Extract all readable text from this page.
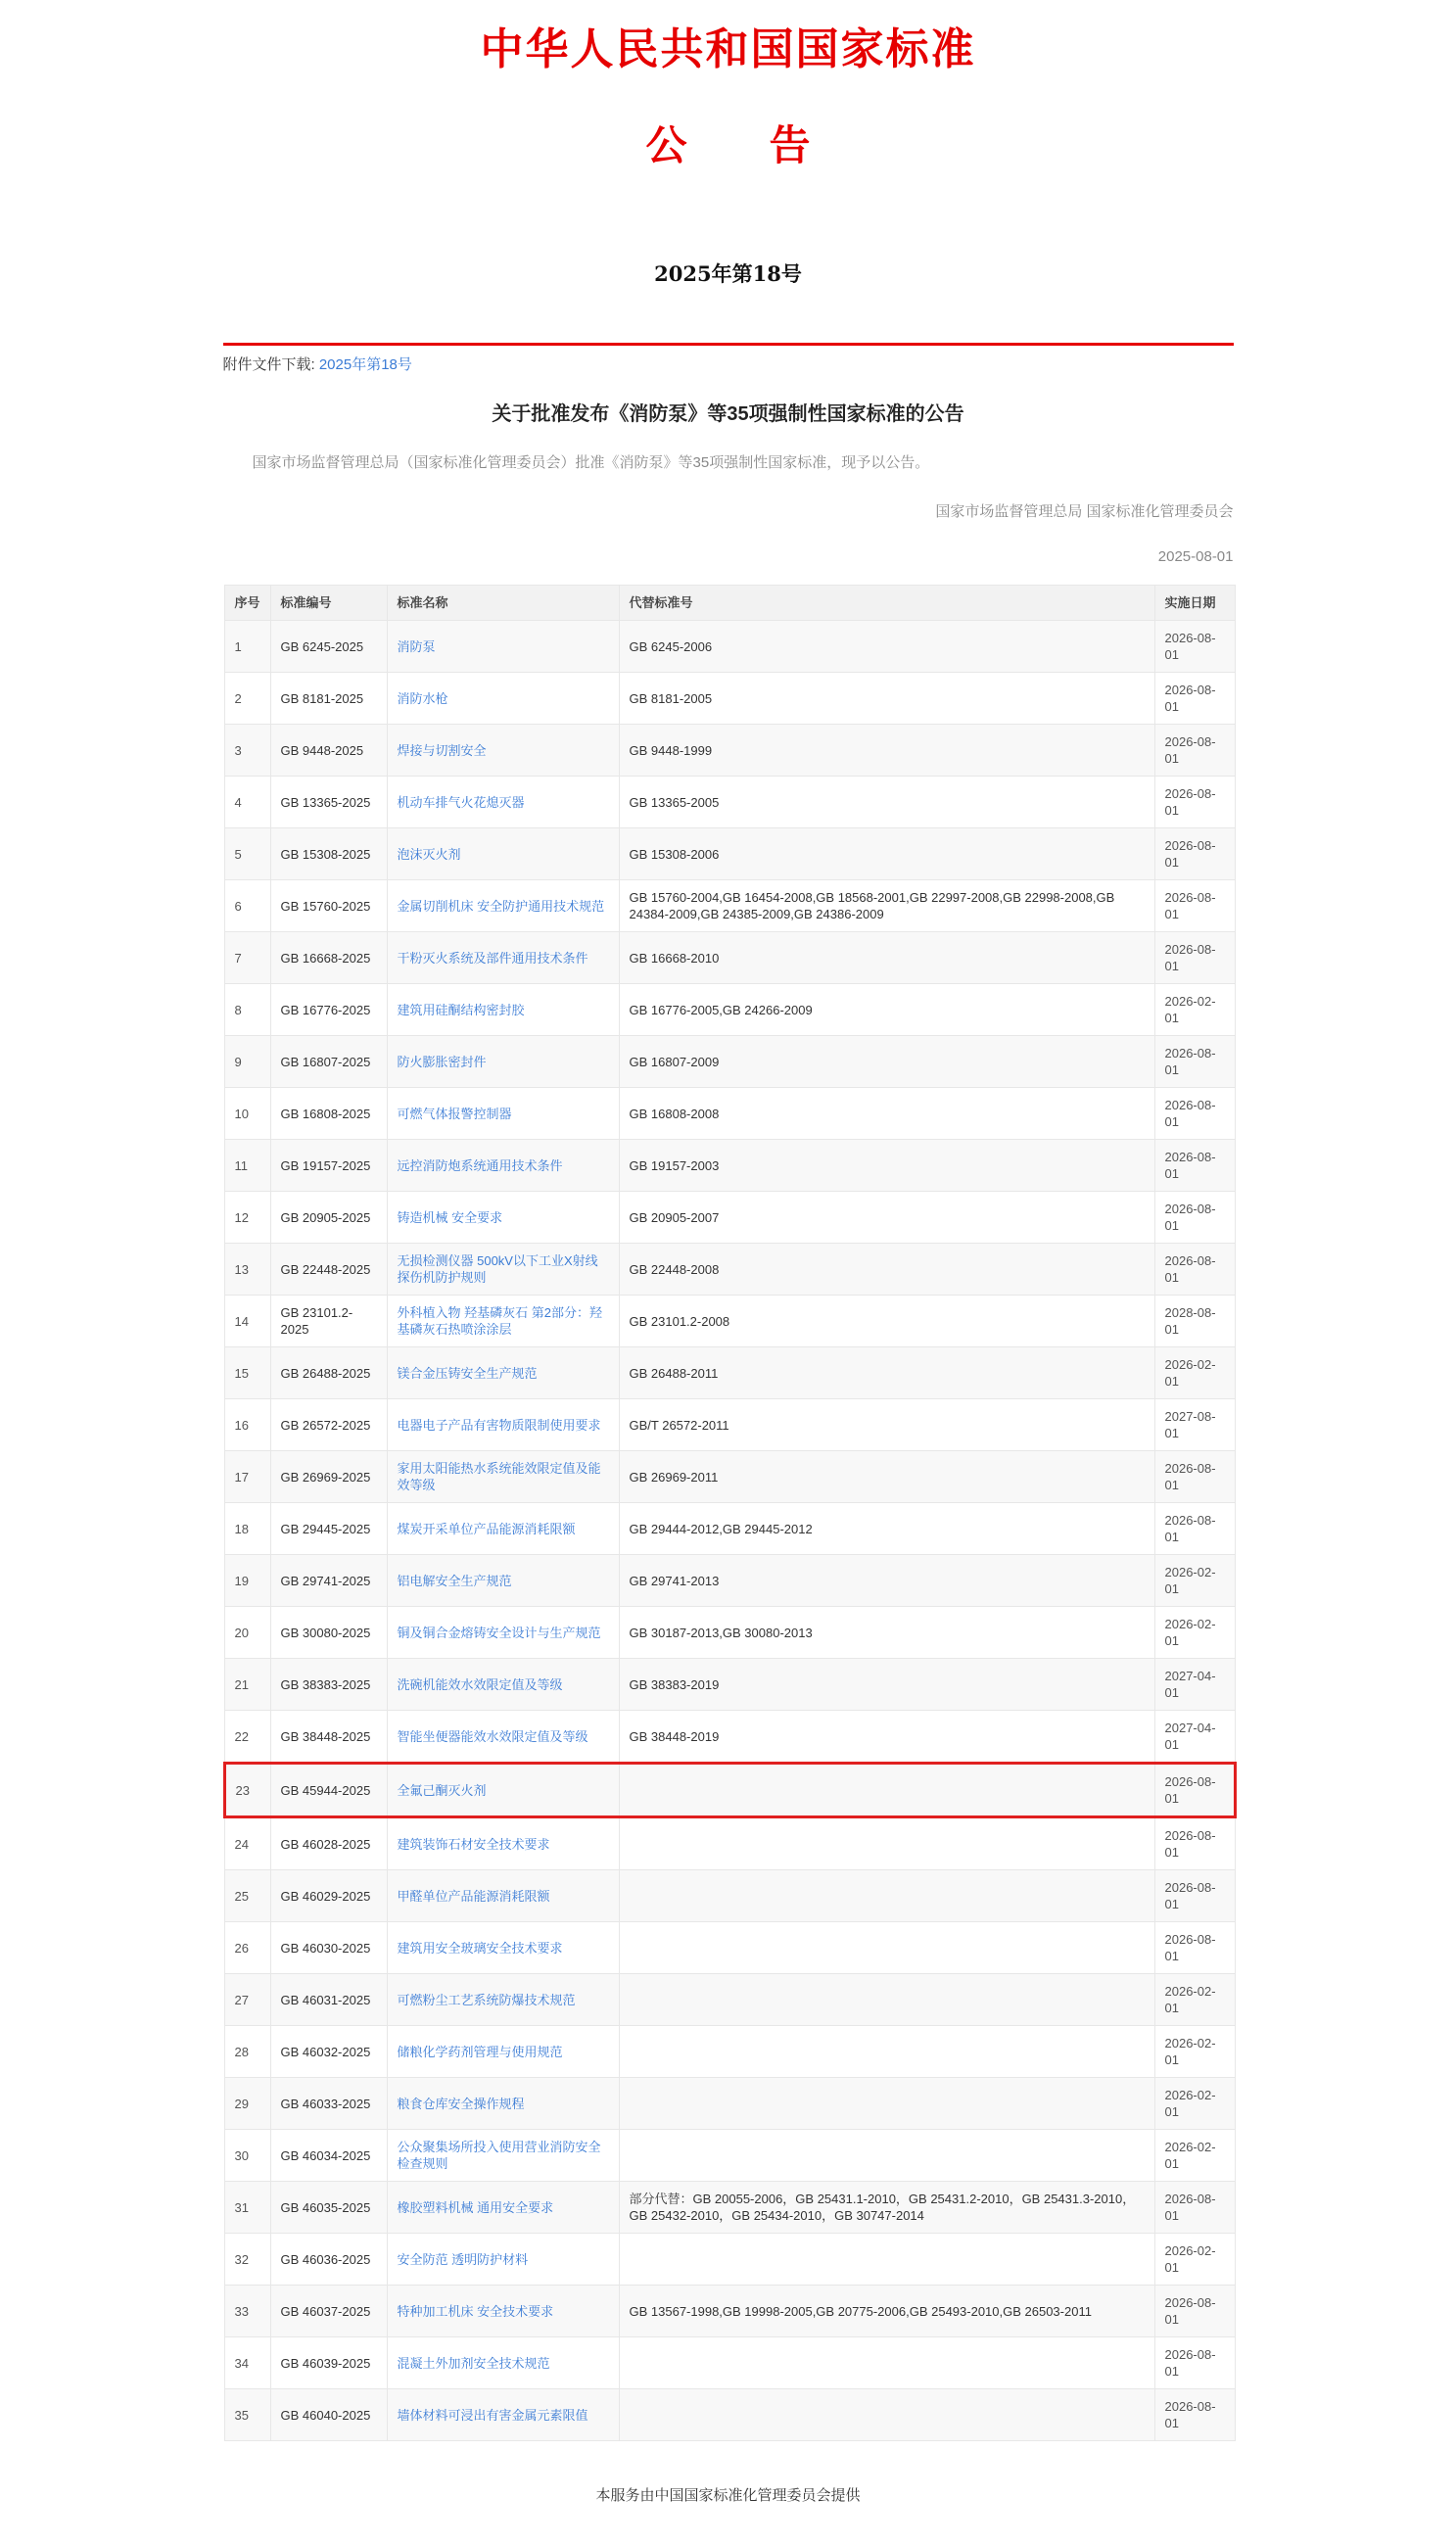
中华人民共和国国家标准
公　　告
2025年第18号
附件文件下载: 2025年第18号
关于批准发布《消防泵》等35项强制性国家标准的公告

国家市场监督管理总局（国家标准化管理委员会）批准《消防泵》等35项强制性国家标准，现予以公告。

国家市场监督管理总局 国家标准化管理委员会
2025-08-01
序号	标准编号	标准名称	代替标准号	实施日期
1	GB 6245-2025	消防泵	GB 6245-2006	2026-08-01
2	GB 8181-2025	消防水枪	GB 8181-2005	2026-08-01
3	GB 9448-2025	焊接与切割安全	GB 9448-1999	2026-08-01
4	GB 13365-2025	机动车排气火花熄灭器	GB 13365-2005	2026-08-01
5	GB 15308-2025	泡沫灭火剂	GB 15308-2006	2026-08-01
6	GB 15760-2025	金属切削机床 安全防护通用技术规范	GB 15760-2004,GB 16454-2008,GB 18568-2001,GB 22997-2008,GB 22998-2008,GB 24384-2009,GB 24385-2009,GB 24386-2009	2026-08-01
7	GB 16668-2025	干粉灭火系统及部件通用技术条件	GB 16668-2010	2026-08-01
8	GB 16776-2025	建筑用硅酮结构密封胶	GB 16776-2005,GB 24266-2009	2026-02-01
9	GB 16807-2025	防火膨胀密封件	GB 16807-2009	2026-08-01
10	GB 16808-2025	可燃气体报警控制器	GB 16808-2008	2026-08-01
11	GB 19157-2025	远控消防炮系统通用技术条件	GB 19157-2003	2026-08-01
12	GB 20905-2025	铸造机械 安全要求	GB 20905-2007	2026-08-01
13	GB 22448-2025	无损检测仪器 500kV以下工业X射线探伤机防护规则	GB 22448-2008	2026-08-01
14	GB 23101.2-2025	外科植入物 羟基磷灰石 第2部分：羟基磷灰石热喷涂涂层	GB 23101.2-2008	2028-08-01
15	GB 26488-2025	镁合金压铸安全生产规范	GB 26488-2011	2026-02-01
16	GB 26572-2025	电器电子产品有害物质限制使用要求	GB/T 26572-2011	2027-08-01
17	GB 26969-2025	家用太阳能热水系统能效限定值及能效等级	GB 26969-2011	2026-08-01
18	GB 29445-2025	煤炭开采单位产品能源消耗限额	GB 29444-2012,GB 29445-2012	2026-08-01
19	GB 29741-2025	铝电解安全生产规范	GB 29741-2013	2026-02-01
20	GB 30080-2025	铜及铜合金熔铸安全设计与生产规范	GB 30187-2013,GB 30080-2013	2026-02-01
21	GB 38383-2025	洗碗机能效水效限定值及等级	GB 38383-2019	2027-04-01
22	GB 38448-2025	智能坐便器能效水效限定值及等级	GB 38448-2019	2027-04-01
23	GB 45944-2025	全氟己酮灭火剂		2026-08-01
24	GB 46028-2025	建筑装饰石材安全技术要求		2026-08-01
25	GB 46029-2025	甲醛单位产品能源消耗限额		2026-08-01
26	GB 46030-2025	建筑用安全玻璃安全技术要求		2026-08-01
27	GB 46031-2025	可燃粉尘工艺系统防爆技术规范		2026-02-01
28	GB 46032-2025	储粮化学药剂管理与使用规范		2026-02-01
29	GB 46033-2025	粮食仓库安全操作规程		2026-02-01
30	GB 46034-2025	公众聚集场所投入使用营业消防安全检查规则		2026-02-01
31	GB 46035-2025	橡胶塑料机械 通用安全要求	部分代替：GB 20055-2006，GB 25431.1-2010，GB 25431.2-2010，GB 25431.3-2010，GB 25432-2010，GB 25434-2010，GB 30747-2014	2026-08-01
32	GB 46036-2025	安全防范 透明防护材料		2026-02-01
33	GB 46037-2025	特种加工机床 安全技术要求	GB 13567-1998,GB 19998-2005,GB 20775-2006,GB 25493-2010,GB 26503-2011	2026-08-01
34	GB 46039-2025	混凝土外加剂安全技术规范		2026-08-01
35	GB 46040-2025	墙体材料可浸出有害金属元素限值		2026-08-01
本服务由中国国家标准化管理委员会提供
